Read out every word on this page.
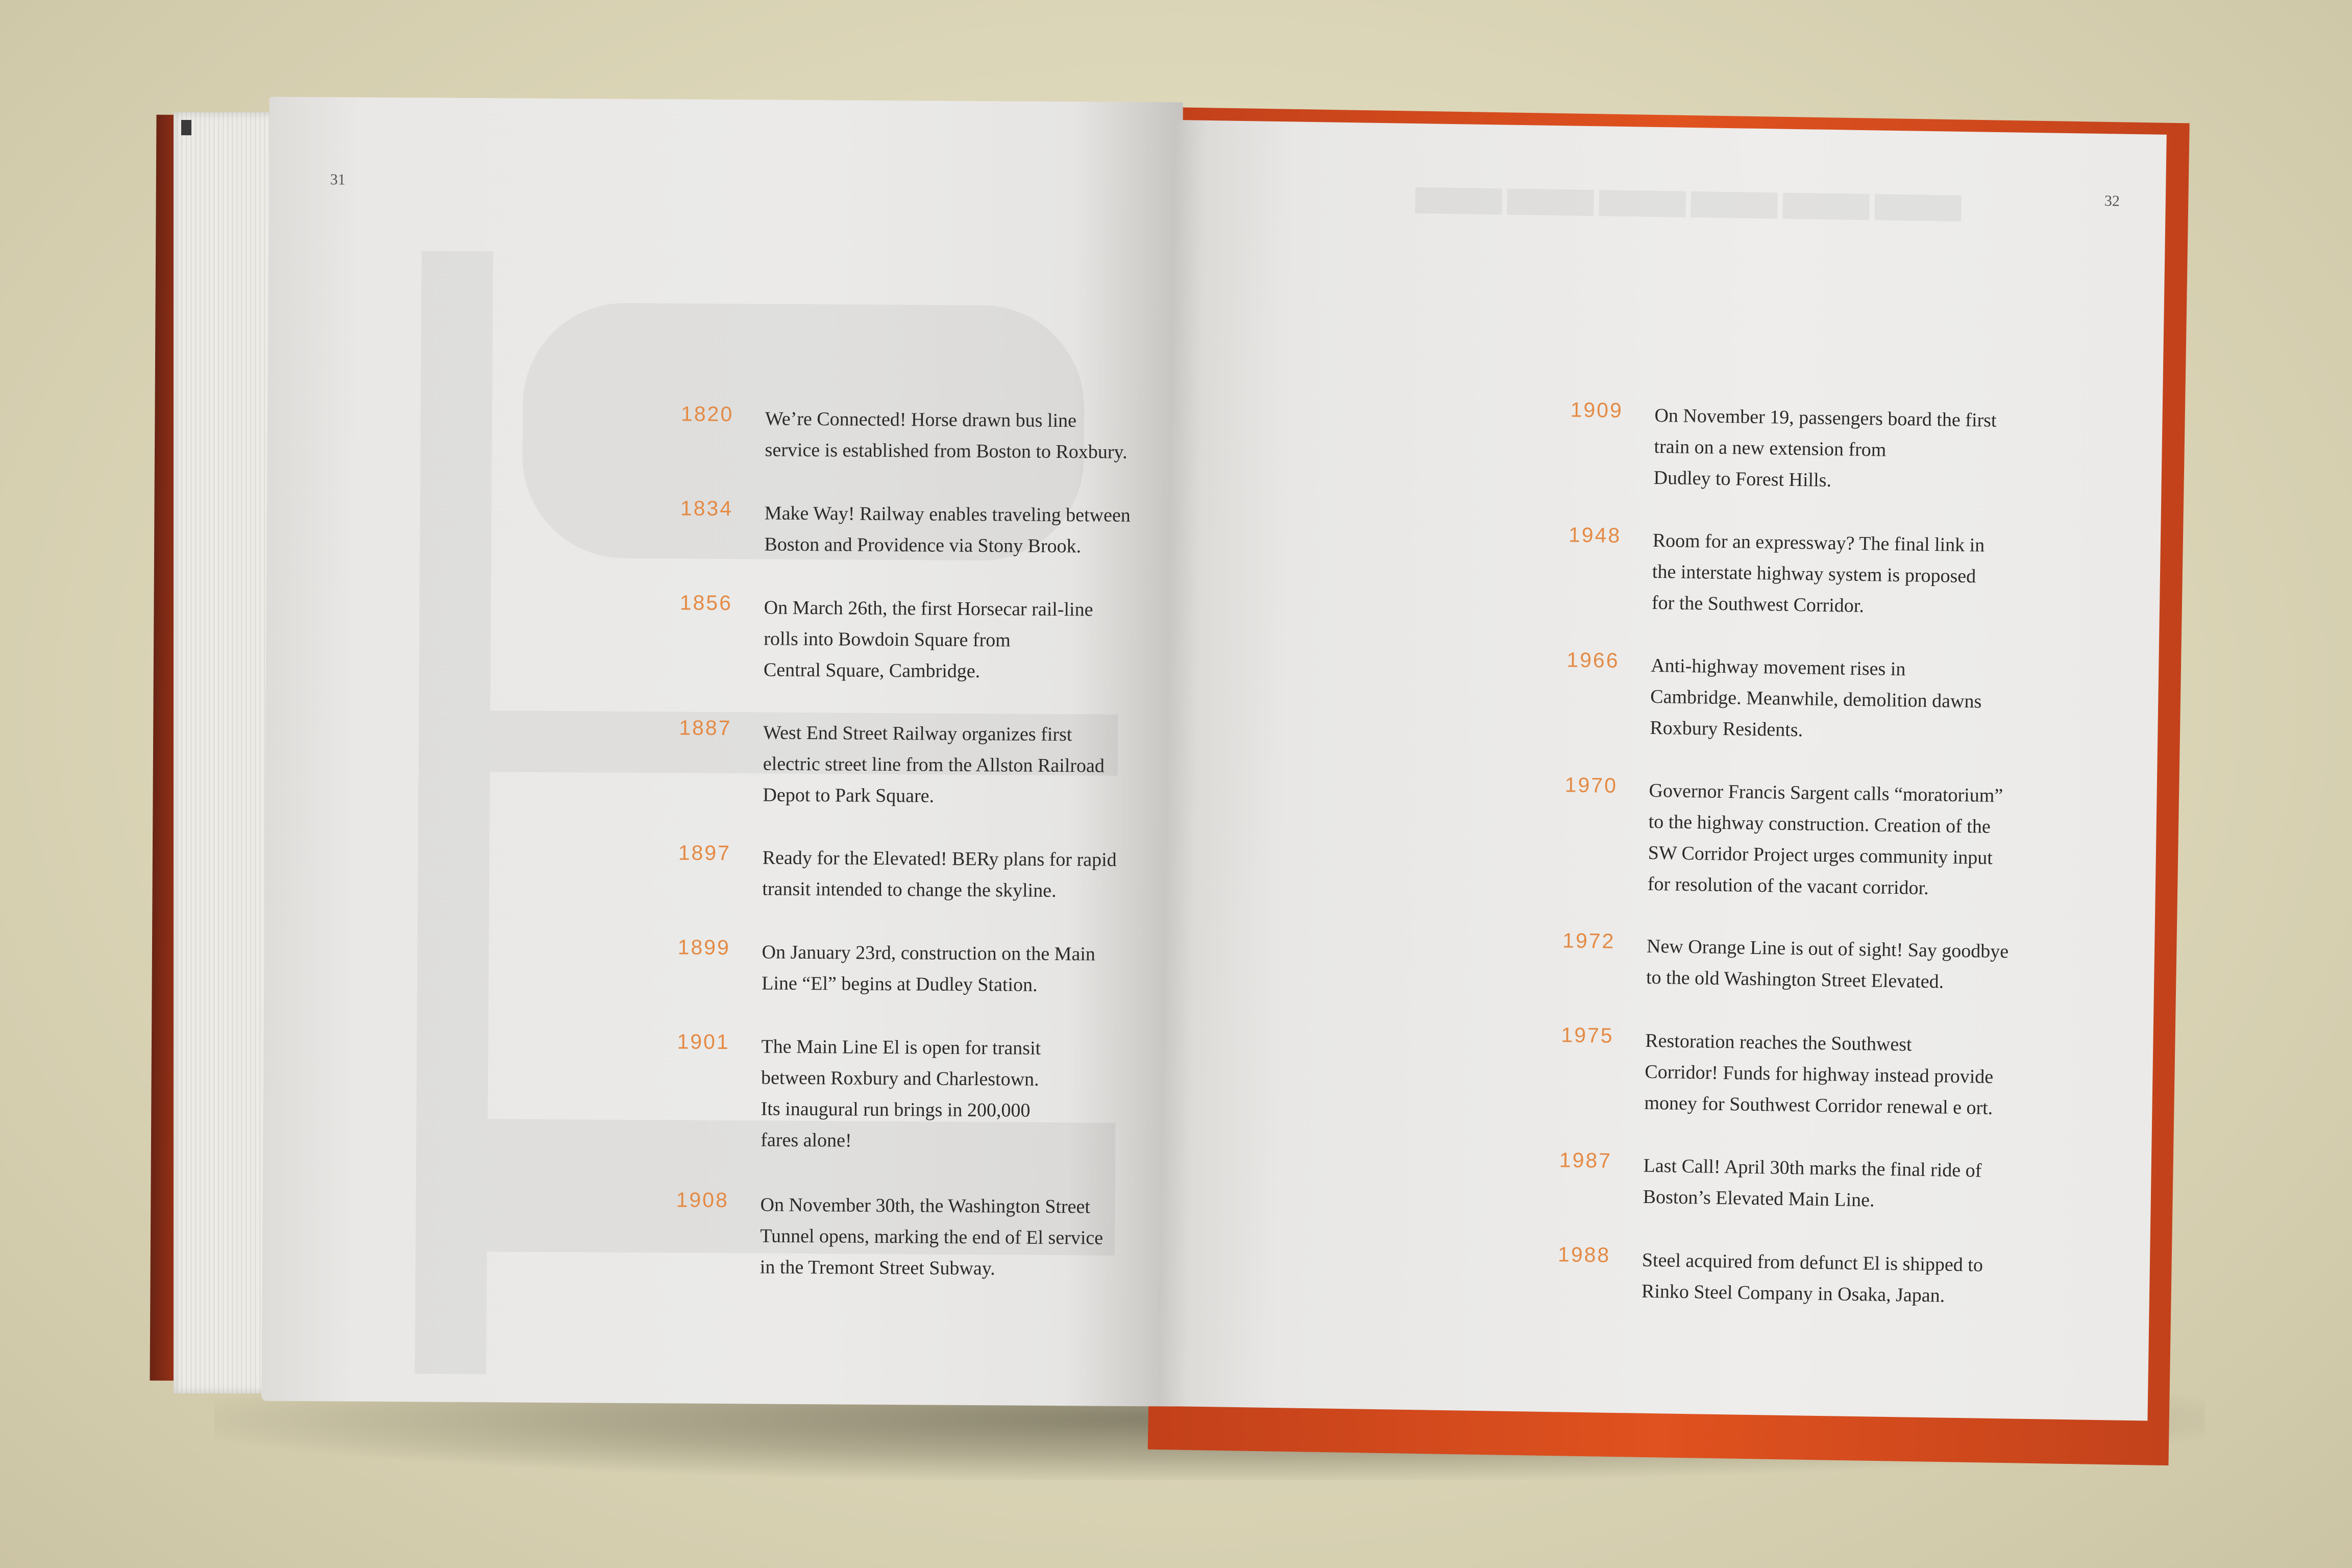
31
1820 We’re Connected! Horse drawn bus line
service is established from Boston to Roxbury.
1834 Make Way! Railway enables traveling between
Boston and Providence via Stony Brook.
1856 On March 26th, the first Horsecar rail-line
rolls into Bowdoin Square from
Central Square, Cambridge.
1887 West End Street Railway organizes first
electric street line from the Allston Railroad
Depot to Park Square.
1897 Ready for the Elevated! BERy plans for rapid
transit intended to change the skyline.
1899 On January 23rd, construction on the Main
Line “El” begins at Dudley Station.
1901 The Main Line El is open for transit
between Roxbury and Charlestown.
Its inaugural run brings in 200,000
fares alone!
1908 On November 30th, the Washington Street
Tunnel opens, marking the end of El service
in the Tremont Street Subway.
▬▬▬▬▬▬	32
1909 On November 19, passengers board the first
train on a new extension from
Dudley to Forest Hills.
1948 Room for an expressway? The final link in
the interstate highway system is proposed
for the Southwest Corridor.
1966 Anti-highway movement rises in
Cambridge. Meanwhile, demolition dawns
Roxbury Residents.
1970 Governor Francis Sargent calls “moratorium”
to the highway construction. Creation of the
SW Corridor Project urges community input
for resolution of the vacant corridor.
1972 New Orange Line is out of sight! Say goodbye
to the old Washington Street Elevated.
1975 Restoration reaches the Southwest
Corridor! Funds for highway instead provide
money for Southwest Corridor renewal e ort.
1987 Last Call! April 30th marks the final ride of
Boston’s Elevated Main Line.
1988 Steel acquired from defunct El is shipped to
Rinko Steel Company in Osaka, Japan.
